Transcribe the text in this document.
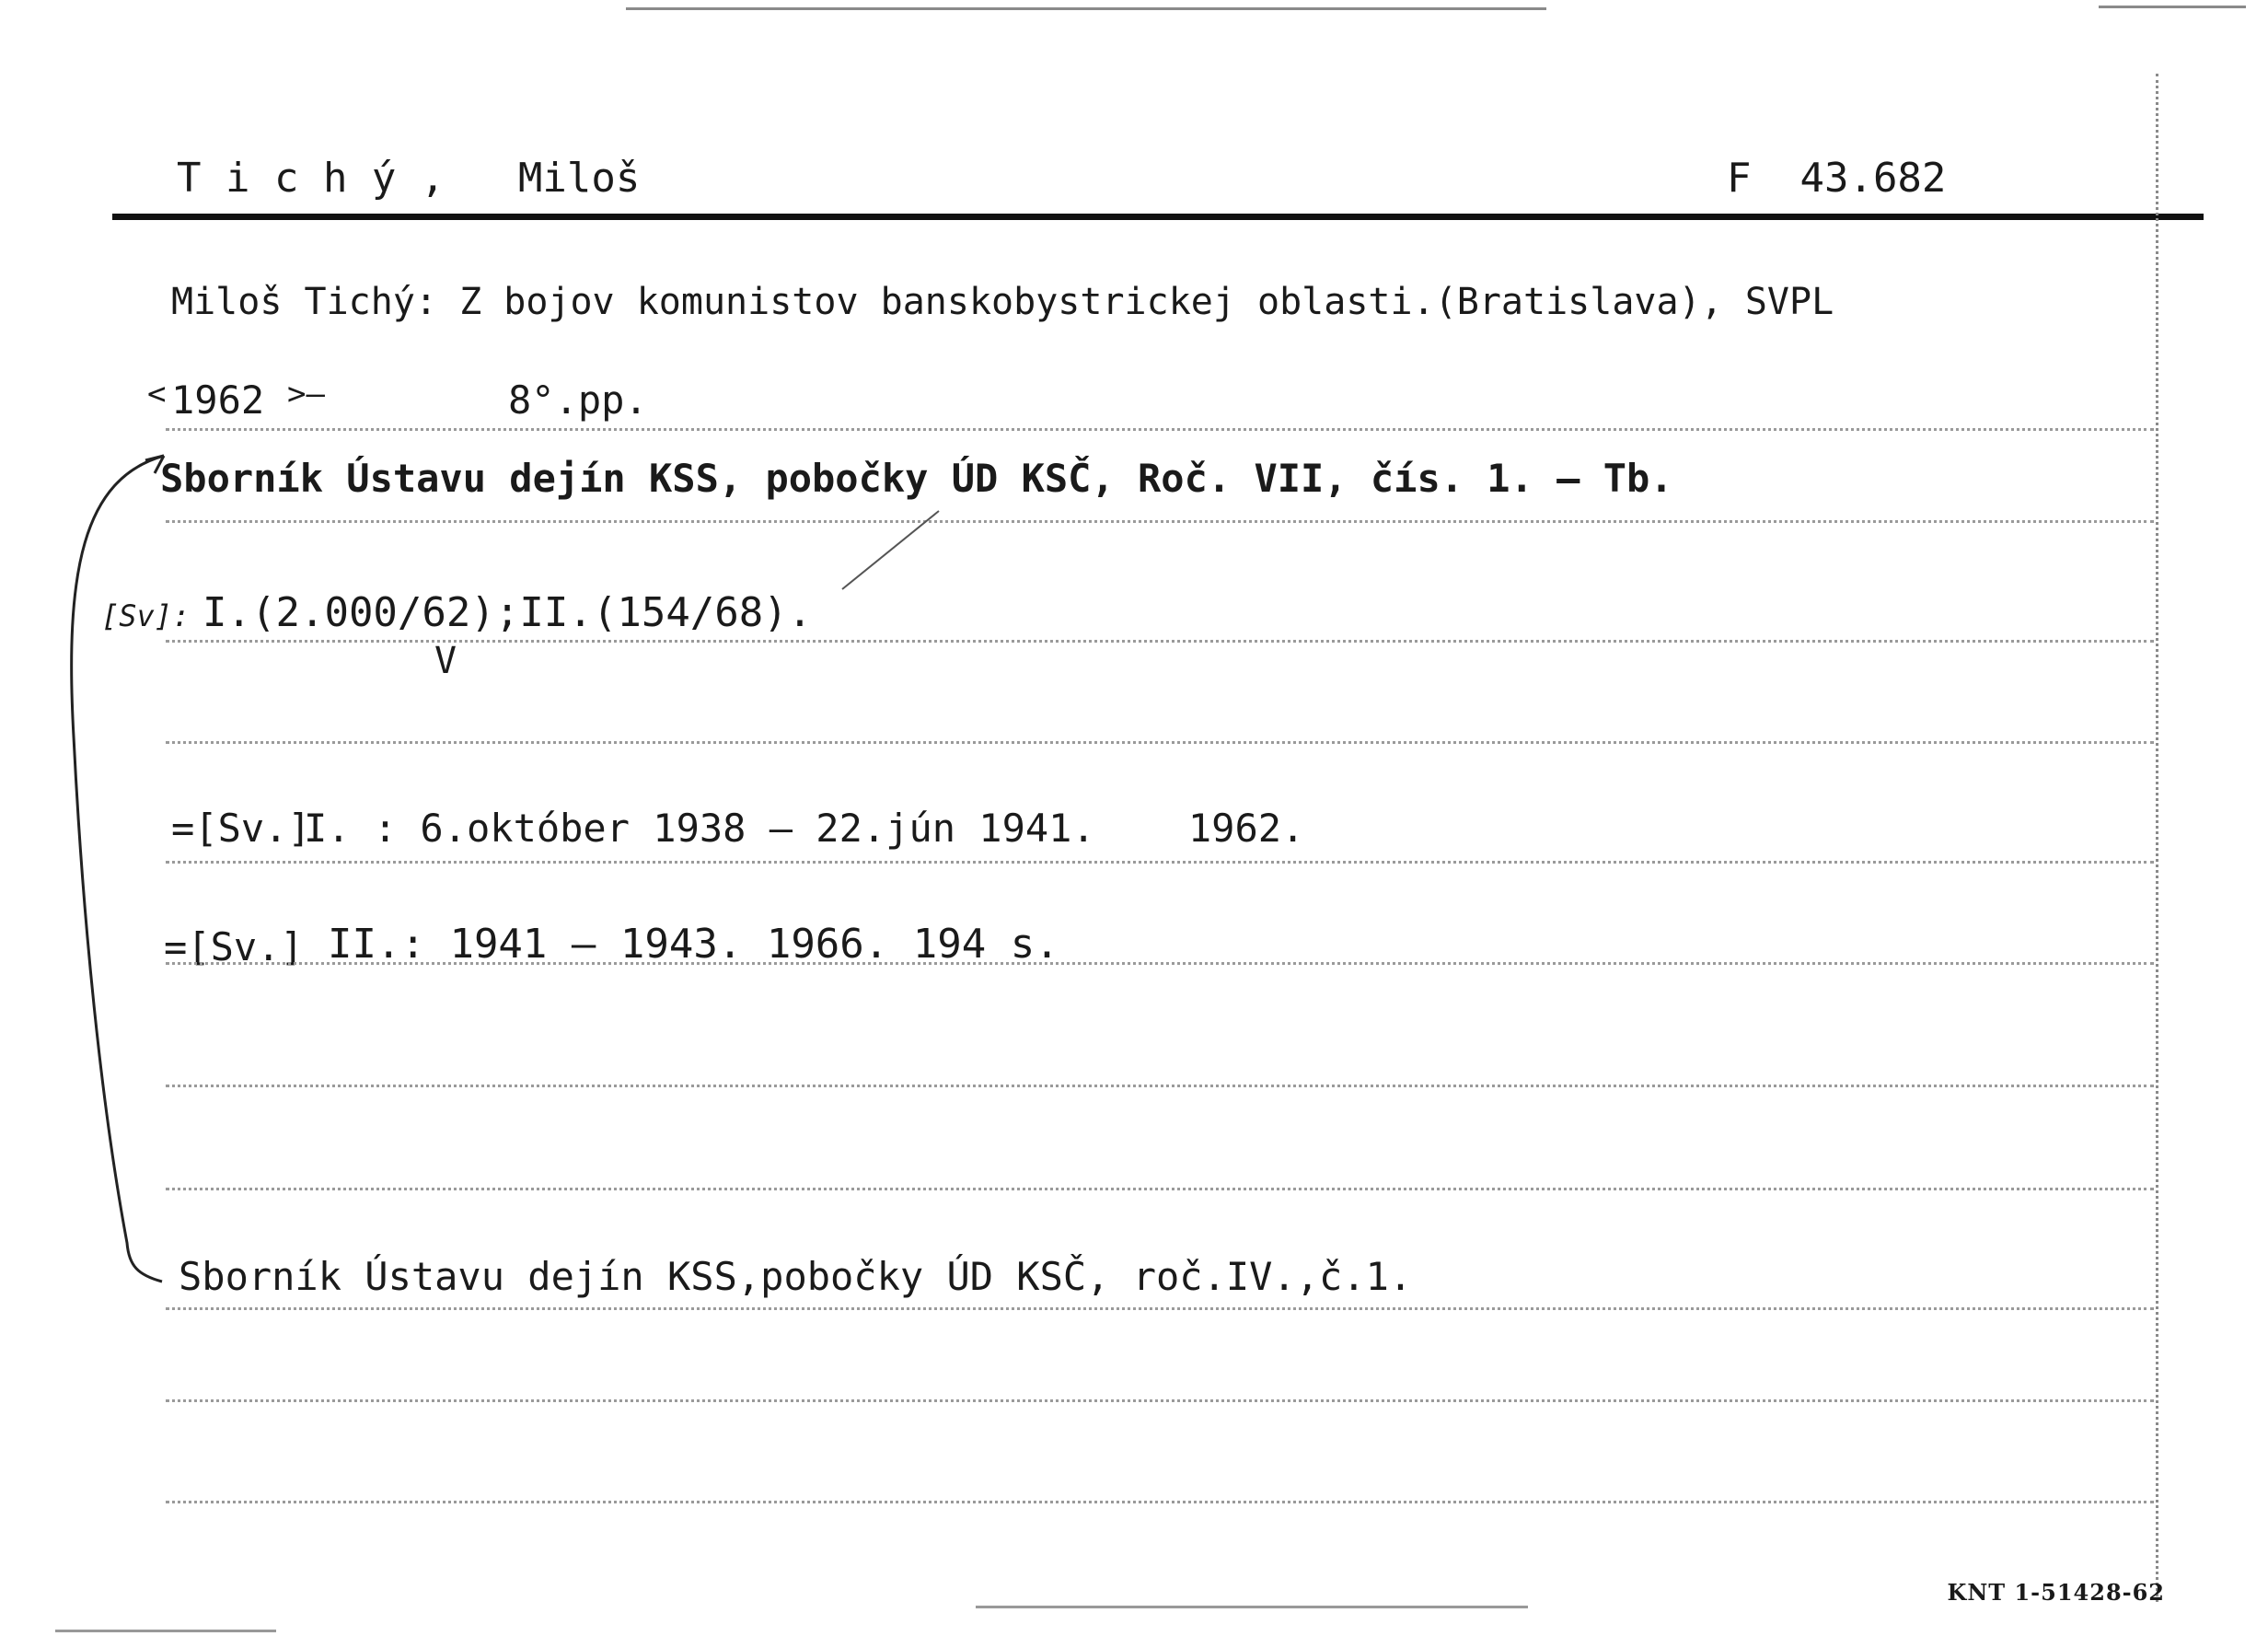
T i c h ý ,   Miloš	F  43.682
Miloš Tichý: Z bojov komunistov banskobystrickej oblasti.(Bratislava), SVPL
< 1962 >–	8°.pp.
Sborník Ústavu dejín KSS, pobočky ÚD KSČ, Roč. VII, čís. 1. – Tb.
[Sv]: I.(2.000/62);II.(154/68).
V
=[Sv.]
I. : 6.október 1938 – 22.jún 1941.    1962.
=[Sv.] II.: 1941 – 1943. 1966. 194 s.
Sborník Ústavu dejín KSS,pobočky ÚD KSČ, roč.IV.,č.1.
KNT 1-51428-62
